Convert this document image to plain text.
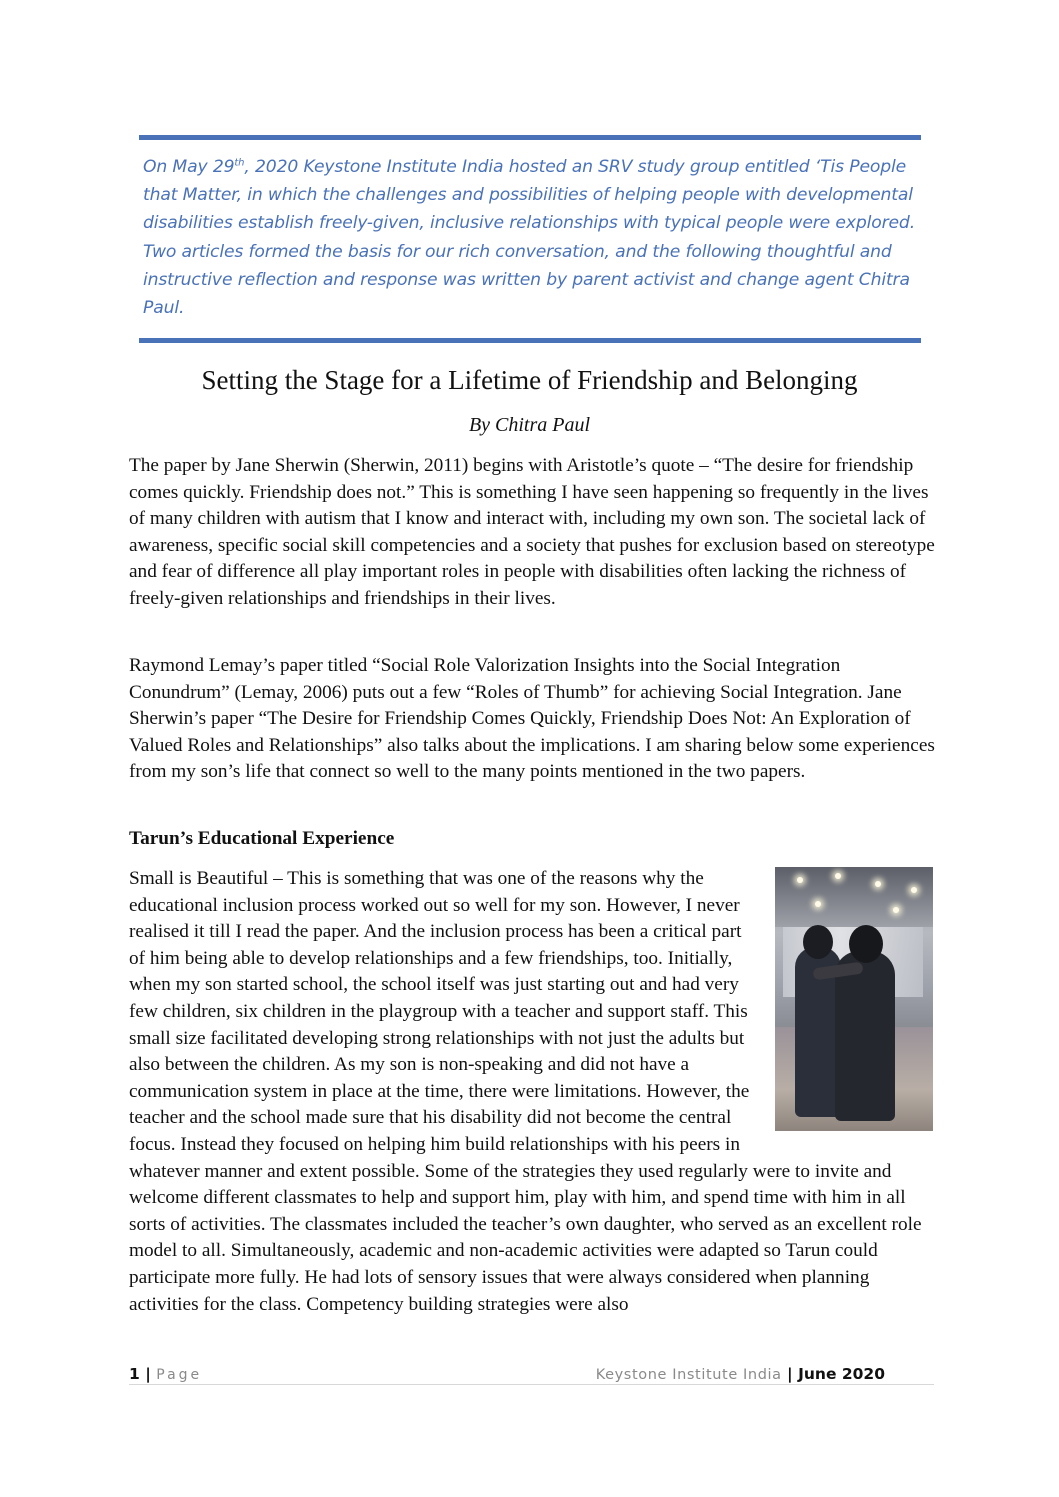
On May 29th, 2020 Keystone Institute India hosted an SRV study group entitled ‘Tis People that Matter, in which the challenges and possibilities of helping people with developmental disabilities establish freely-given, inclusive relationships with typical people were explored. Two articles formed the basis for our rich conversation, and the following thoughtful and instructive reflection and response was written by parent activist and change agent Chitra Paul.
Setting the Stage for a Lifetime of Friendship and Belonging
By Chitra Paul

The paper by Jane Sherwin (Sherwin, 2011) begins with Aristotle’s quote – “The desire for friendship comes quickly. Friendship does not.” This is something I have seen happening so frequently in the lives of many children with autism that I know and interact with, including my own son. The societal lack of awareness, specific social skill competencies and a society that pushes for exclusion based on stereotype and fear of difference all play important roles in people with disabilities often lacking the richness of freely-given relationships and friendships in their lives.

Raymond Lemay’s paper titled “Social Role Valorization Insights into the Social Integration Conundrum” (Lemay, 2006) puts out a few “Roles of Thumb” for achieving Social Integration. Jane Sherwin’s paper “The Desire for Friendship Comes Quickly, Friendship Does Not: An Exploration of Valued Roles and Relationships” also talks about the implications. I am sharing below some experiences from my son’s life that connect so well to the many points mentioned in the two papers.

Tarun’s Educational Experience
Small is Beautiful – This is something that was one of the reasons why the educational inclusion process worked out so well for my son. However, I never realised it till I read the paper. And the inclusion process has been a critical part of him being able to develop relationships and a few friendships, too. Initially, when my son started school, the school itself was just starting out and had very few children, six children in the playgroup with a teacher and support staff. This small size facilitated developing strong relationships with not just the adults but also between the children. As my son is non-speaking and did not have a communication system in place at the time, there were limitations. However, the teacher and the school made sure that his disability did not become the central focus. Instead they focused on helping him build relationships with his peers in whatever manner and extent possible. Some of the strategies they used regularly were to invite and welcome different classmates to help and support him, play with him, and spend time with him in all sorts of activities. The classmates included the teacher’s own daughter, who served as an excellent role model to all. Simultaneously, academic and non-academic activities were adapted so Tarun could participate more fully. He had lots of sensory issues that were always considered when planning activities for the class. Competency building strategies were also
1 | Page	Keystone Institute India | June 2020
